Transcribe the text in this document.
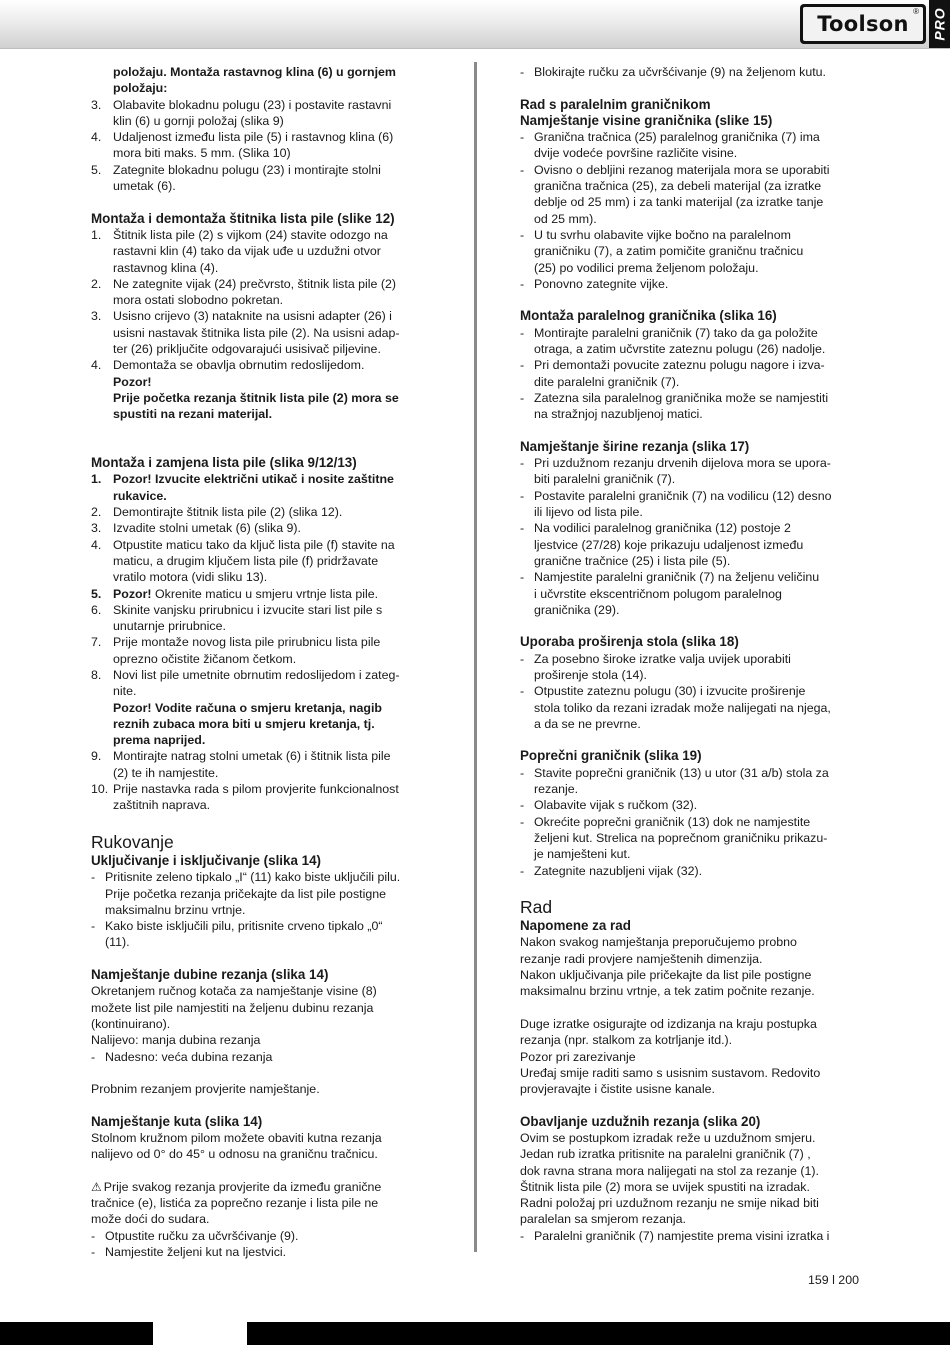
Toolson
® PRO
položaju. Montaža rastavnog klina (6) u gornjem
položaju:
3. Olabavite blokadnu polugu (23) i postavite rastavni
klin (6) u gornji položaj (slika 9)
4. Udaljenost između lista pile (5) i rastavnog klina (6)
mora biti maks. 5 mm. (Slika 10)
5. Zategnite blokadnu polugu (23) i montirajte stolni
umetak (6).
Montaža i demontaža štitnika lista pile (slike 12)
1. Štitnik lista pile (2) s vijkom (24) stavite odozgo na
rastavni klin (4) tako da vijak uđe u uzdužni otvor
rastavnog klina (4).
2. Ne zategnite vijak (24) prečvrsto, štitnik lista pile (2)
mora ostati slobodno pokretan.
3. Usisno crijevo (3) nataknite na usisni adapter (26) i
usisni nastavak štitnika lista pile (2). Na usisni adap-
ter (26) priključite odgovarajući usisivač piljevine.
4. Demontaža se obavlja obrnutim redoslijedom.
Pozor!
Prije početka rezanja štitnik lista pile (2) mora se
spustiti na rezani materijal.
Montaža i zamjena lista pile (slika 9/12/13)
1. Pozor! Izvucite električni utikač i nosite zaštitne
rukavice.
2. Demontirajte štitnik lista pile (2) (slika 12).
3. Izvadite stolni umetak (6) (slika 9).
4. Otpustite maticu tako da ključ lista pile (f) stavite na
maticu, a drugim ključem lista pile (f) pridržavate
vratilo motora (vidi sliku 13).
5. Pozor! Okrenite maticu u smjeru vrtnje lista pile.
6. Skinite vanjsku prirubnicu i izvucite stari list pile s
unutarnje prirubnice.
7. Prije montaže novog lista pile prirubnicu lista pile
oprezno očistite žičanom četkom.
8. Novi list pile umetnite obrnutim redoslijedom i zateg-
nite.
Pozor! Vodite računa o smjeru kretanja, nagib
reznih zubaca mora biti u smjeru kretanja, tj.
prema naprijed.
9. Montirajte natrag stolni umetak (6) i štitnik lista pile
(2) te ih namjestite.
10. Prije nastavka rada s pilom provjerite funkcionalnost
zaštitnih naprava.
Rukovanje
Uključivanje i isključivanje (slika 14)
- Pritisnite zeleno tipkalo „I“ (11) kako biste uključili pilu.
Prije početka rezanja pričekajte da list pile postigne
maksimalnu brzinu vrtnje.
- Kako biste isključili pilu, pritisnite crveno tipkalo „0“
(11).
Namještanje dubine rezanja (slika 14)
Okretanjem ručnog kotača za namještanje visine (8)
možete list pile namjestiti na željenu dubinu rezanja
(kontinuirano).
Nalijevo: manja dubina rezanja
- Nadesno: veća dubina rezanja
Probnim rezanjem provjerite namještanje.
Namještanje kuta (slika 14)
Stolnom kružnom pilom možete obaviti kutna rezanja
nalijevo od 0° do 45° u odnosu na graničnu tračnicu.
⚠ Prije svakog rezanja provjerite da između granične
tračnice (e), listića za poprečno rezanje i lista pile ne
može doći do sudara.
- Otpustite ručku za učvršćivanje (9).
- Namjestite željeni kut na ljestvici.
- Blokirajte ručku za učvršćivanje (9) na željenom kutu.
Rad s paralelnim graničnikom
Namještanje visine graničnika (slike 15)
- Granična tračnica (25) paralelnog graničnika (7) ima
dvije vodeće površine različite visine.
- Ovisno o debljini rezanog materijala mora se uporabiti
granična tračnica (25), za debeli materijal (za izratke
deblje od 25 mm) i za tanki materijal (za izratke tanje
od 25 mm).
- U tu svrhu olabavite vijke bočno na paralelnom
graničniku (7), a zatim pomičite graničnu tračnicu
(25) po vodilici prema željenom položaju.
- Ponovno zategnite vijke.
Montaža paralelnog graničnika (slika 16)
- Montirajte paralelni graničnik (7) tako da ga položite
otraga, a zatim učvrstite zateznu polugu (26) nadolje.
- Pri demontaži povucite zateznu polugu nagore i izva-
dite paralelni graničnik (7).
- Zatezna sila paralelnog graničnika može se namjestiti
na stražnjoj nazubljenoj matici.
Namještanje širine rezanja (slika 17)
- Pri uzdužnom rezanju drvenih dijelova mora se upora-
biti paralelni graničnik (7).
- Postavite paralelni graničnik (7) na vodilicu (12) desno
ili lijevo od lista pile.
- Na vodilici paralelnog graničnika (12) postoje 2
ljestvice (27/28) koje prikazuju udaljenost između
granične tračnice (25) i lista pile (5).
- Namjestite paralelni graničnik (7) na željenu veličinu
i učvrstite ekscentričnom polugom paralelnog
graničnika (29).
Uporaba proširenja stola (slika 18)
- Za posebno široke izratke valja uvijek uporabiti
proširenje stola (14).
- Otpustite zateznu polugu (30) i izvucite proširenje
stola toliko da rezani izradak može nalijegati na njega,
a da se ne prevrne.
Poprečni graničnik (slika 19)
- Stavite poprečni graničnik (13) u utor (31 a/b) stola za
rezanje.
- Olabavite vijak s ručkom (32).
- Okrećite poprečni graničnik (13) dok ne namjestite
željeni kut. Strelica na poprečnom graničniku prikazu-
je namješteni kut.
- Zategnite nazubljeni vijak (32).
Rad
Napomene za rad
Nakon svakog namještanja preporučujemo probno
rezanje radi provjere namještenih dimenzija.
Nakon uključivanja pile pričekajte da list pile postigne
maksimalnu brzinu vrtnje, a tek zatim počnite rezanje.
Duge izratke osigurajte od izdizanja na kraju postupka
rezanja (npr. stalkom za kotrljanje itd.).
Pozor pri zarezivanje
Uređaj smije raditi samo s usisnim sustavom. Redovito
provjeravajte i čistite usisne kanale.
Obavljanje uzdužnih rezanja (slika 20)
Ovim se postupkom izradak reže u uzdužnom smjeru.
Jedan rub izratka pritisnite na paralelni graničnik (7) ,
dok ravna strana mora nalijegati na stol za rezanje (1).
Štitnik lista pile (2) mora se uvijek spustiti na izradak.
Radni položaj pri uzdužnom rezanju ne smije nikad biti
paralelan sa smjerom rezanja.
- Paralelni graničnik (7) namjestite prema visini izratka i
159 l 200
